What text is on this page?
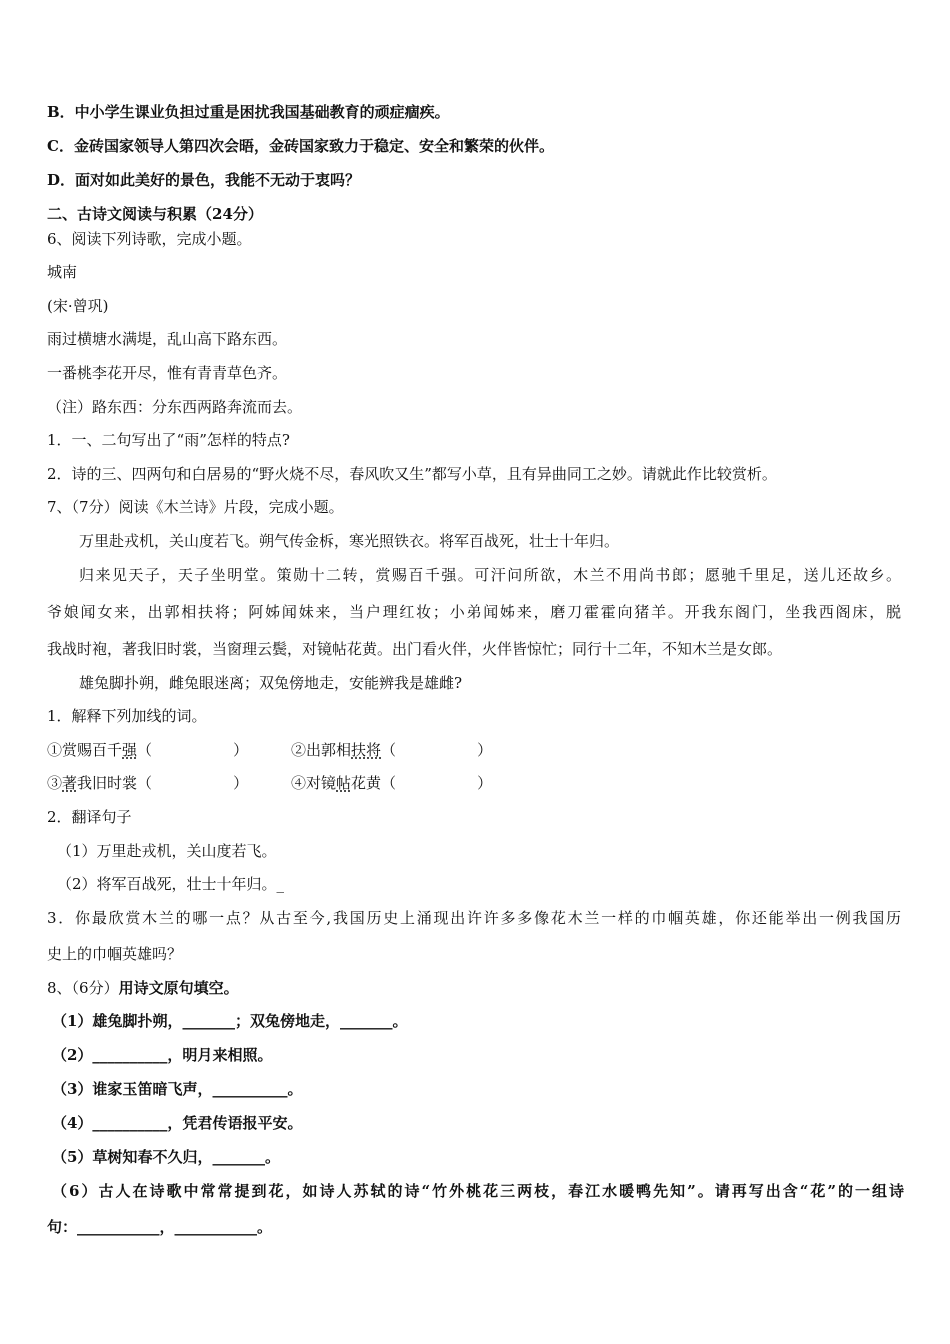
B．中小学生课业负担过重是困扰我国基础教育的顽症痼疾。
C．金砖国家领导人第四次会晤，金砖国家致力于稳定、安全和繁荣的伙伴。
D．面对如此美好的景色，我能不无动于衷吗？
二、古诗文阅读与积累（24分）
6、阅读下列诗歌，完成小题。
城南
(宋·曾巩)
雨过横塘水满堤，乱山高下路东西。
一番桃李花开尽，惟有青青草色齐。
（注）路东西：分东西两路奔流而去。
1．一、二句写出了“雨”怎样的特点?
2．诗的三、四两句和白居易的“野火烧不尽，春风吹又生”都写小草，且有异曲同工之妙。请就此作比较赏析。
7、（7分）阅读《木兰诗》片段，完成小题。
万里赴戎机，关山度若飞。朔气传金柝，寒光照铁衣。将军百战死，壮士十年归。
归来见天子，天子坐明堂。策勋十二转，赏赐百千强。可汗问所欲，木兰不用尚书郎；愿驰千里足，送儿还故乡。
爷娘闻女来，出郭相扶将；阿姊闻妹来，当户理红妆；小弟闻姊来，磨刀霍霍向猪羊。开我东阁门，坐我西阁床，脱
我战时袍，著我旧时裳，当窗理云鬓，对镜帖花黄。出门看火伴，火伴皆惊忙；同行十二年，不知木兰是女郎。
雄兔脚扑朔，雌兔眼迷离；双兔傍地走，安能辨我是雄雌?
1．解释下列加线的词。
①赏赐百千强（                 ）	②出郭相扶将（                 ）
③著我旧时裳（                 ）	④对镜帖花黄（                 ）
2．翻译句子
（1）万里赴戎机，关山度若飞。
（2）将军百战死，壮士十年归。_
3．你最欣赏木兰的哪一点？从古至今,我国历史上涌现出许许多多像花木兰一样的巾帼英雄，你还能举出一例我国历
史上的巾帼英雄吗？
8、（6分）用诗文原句填空。
（1）雄兔脚扑朔，_______；双兔傍地走，_______。
（2）__________，明月来相照。
（3）谁家玉笛暗飞声，__________。
（4）__________，凭君传语报平安。
（5）草树知春不久归，_______。
（6）古人在诗歌中常常提到花，如诗人苏轼的诗“竹外桃花三两枝，春江水暖鸭先知”。请再写出含“花”的一组诗
句：___________，___________。
